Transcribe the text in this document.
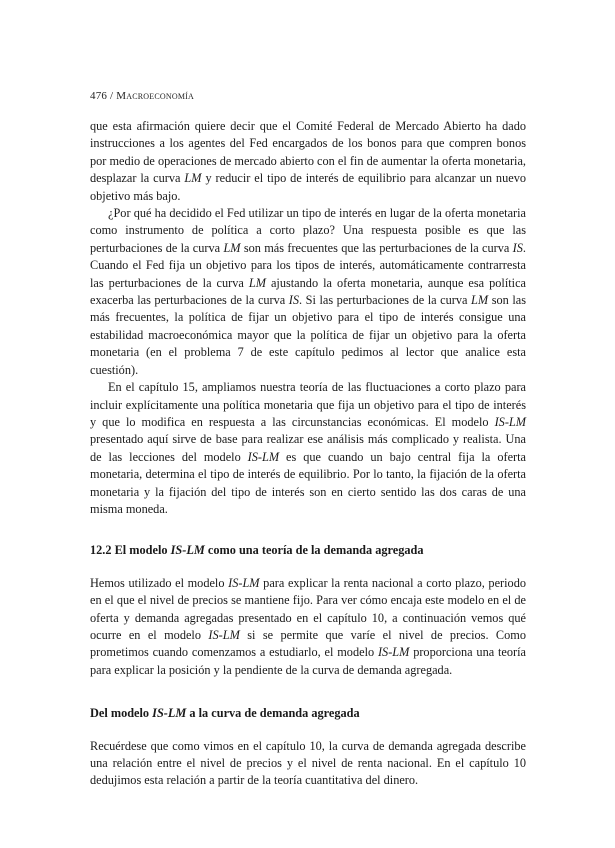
476 / Macroeconomía

que esta afirmación quiere decir que el Comité Federal de Mercado Abierto ha dado instrucciones a los agentes del Fed encargados de los bonos para que compren bonos por medio de operaciones de mercado abierto con el fin de aumentar la oferta monetaria, desplazar la curva LM y reducir el tipo de interés de equilibrio para alcanzar un nuevo objetivo más bajo.

¿Por qué ha decidido el Fed utilizar un tipo de interés en lugar de la oferta monetaria como instrumento de política a corto plazo? Una respuesta posible es que las perturbaciones de la curva LM son más frecuentes que las perturbaciones de la curva IS. Cuando el Fed fija un objetivo para los tipos de interés, automáticamente contrarresta las perturbaciones de la curva LM ajustando la oferta monetaria, aunque esa política exacerba las perturbaciones de la curva IS. Si las perturbaciones de la curva LM son las más frecuentes, la política de fijar un objetivo para el tipo de interés consigue una estabilidad macroeconómica mayor que la política de fijar un objetivo para la oferta monetaria (en el problema 7 de este capítulo pedimos al lector que analice esta cuestión).

En el capítulo 15, ampliamos nuestra teoría de las fluctuaciones a corto plazo para incluir explícitamente una política monetaria que fija un objetivo para el tipo de interés y que lo modifica en respuesta a las circunstancias económicas. El modelo IS-LM presentado aquí sirve de base para realizar ese análisis más complicado y realista. Una de las lecciones del modelo IS-LM es que cuando un bajo central fija la oferta monetaria, determina el tipo de interés de equilibrio. Por lo tanto, la fijación de la oferta monetaria y la fijación del tipo de interés son en cierto sentido las dos caras de una misma moneda.

12.2 El modelo IS-LM como una teoría de la demanda agregada

Hemos utilizado el modelo IS-LM para explicar la renta nacional a corto plazo, periodo en el que el nivel de precios se mantiene fijo. Para ver cómo encaja este modelo en el de oferta y demanda agregadas presentado en el capítulo 10, a continuación vemos qué ocurre en el modelo IS-LM si se permite que varíe el nivel de precios. Como prometimos cuando comenzamos a estudiarlo, el modelo IS-LM proporciona una teoría para explicar la posición y la pendiente de la curva de demanda agregada.

Del modelo IS-LM a la curva de demanda agregada

Recuérdese que como vimos en el capítulo 10, la curva de demanda agregada describe una relación entre el nivel de precios y el nivel de renta nacional. En el capítulo 10 dedujimos esta relación a partir de la teoría cuantitativa del dinero.
